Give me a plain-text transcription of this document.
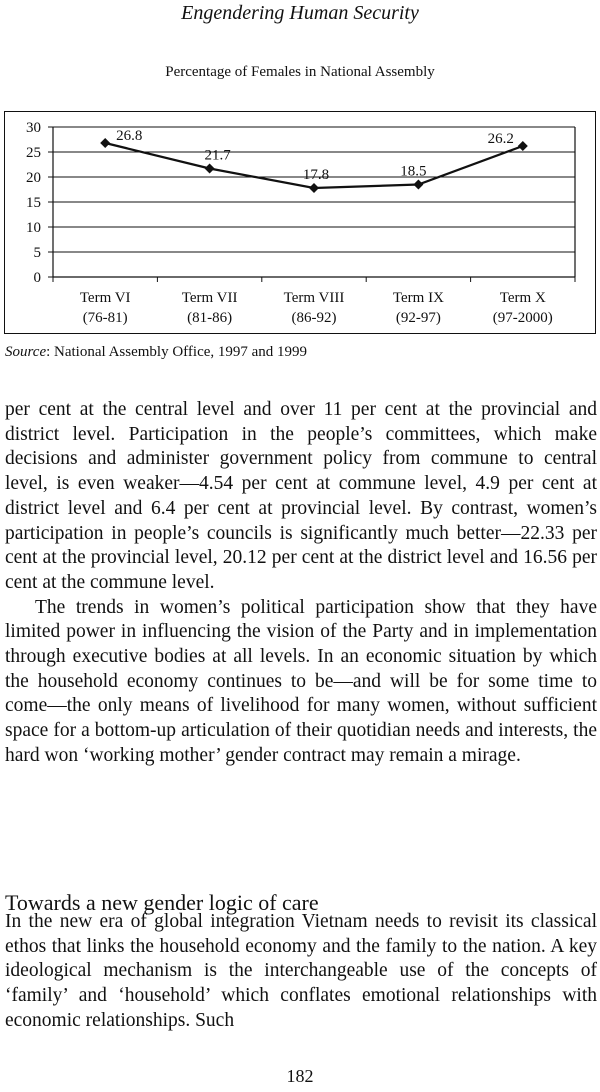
Engendering Human Security
Percentage of Females in National Assembly
0
5
10
15
20
25
30
Term VI
(76-81)
Term VII
(81-86)
Term VIII
(86-92)
Term IX
(92-97)
Term X
(97-2000)
26.8
21.7
17.8	18.5
26.2
Source: National Assembly Office, 1997 and 1999

per cent at the central level and over 11 per cent at the provincial and district level. Participation in the people’s committees, which make decisions and administer government policy from commune to central level, is even weaker—4.54 per cent at commune level, 4.9 per cent at district level and 6.4 per cent at provincial level. By contrast, women’s participation in people’s councils is significantly much better—22.33 per cent at the provincial level, 20.12 per cent at the district level and 16.56 per cent at the commune level.

The trends in women’s political participation show that they have limited power in influencing the vision of the Party and in implementation through executive bodies at all levels. In an economic situation by which the household economy continues to be—and will be for some time to come—the only means of livelihood for many women, without sufficient space for a bottom-up articulation of their quotidian needs and interests, the hard won ‘working mother’ gender contract may remain a mirage.

Towards a new gender logic of care

In the new era of global integration Vietnam needs to revisit its classical ethos that links the household economy and the family to the nation. A key ideological mechanism is the interchangeable use of the concepts of ‘family’ and ‘household’ which conflates emotional relationships with economic relationships. Such

182
